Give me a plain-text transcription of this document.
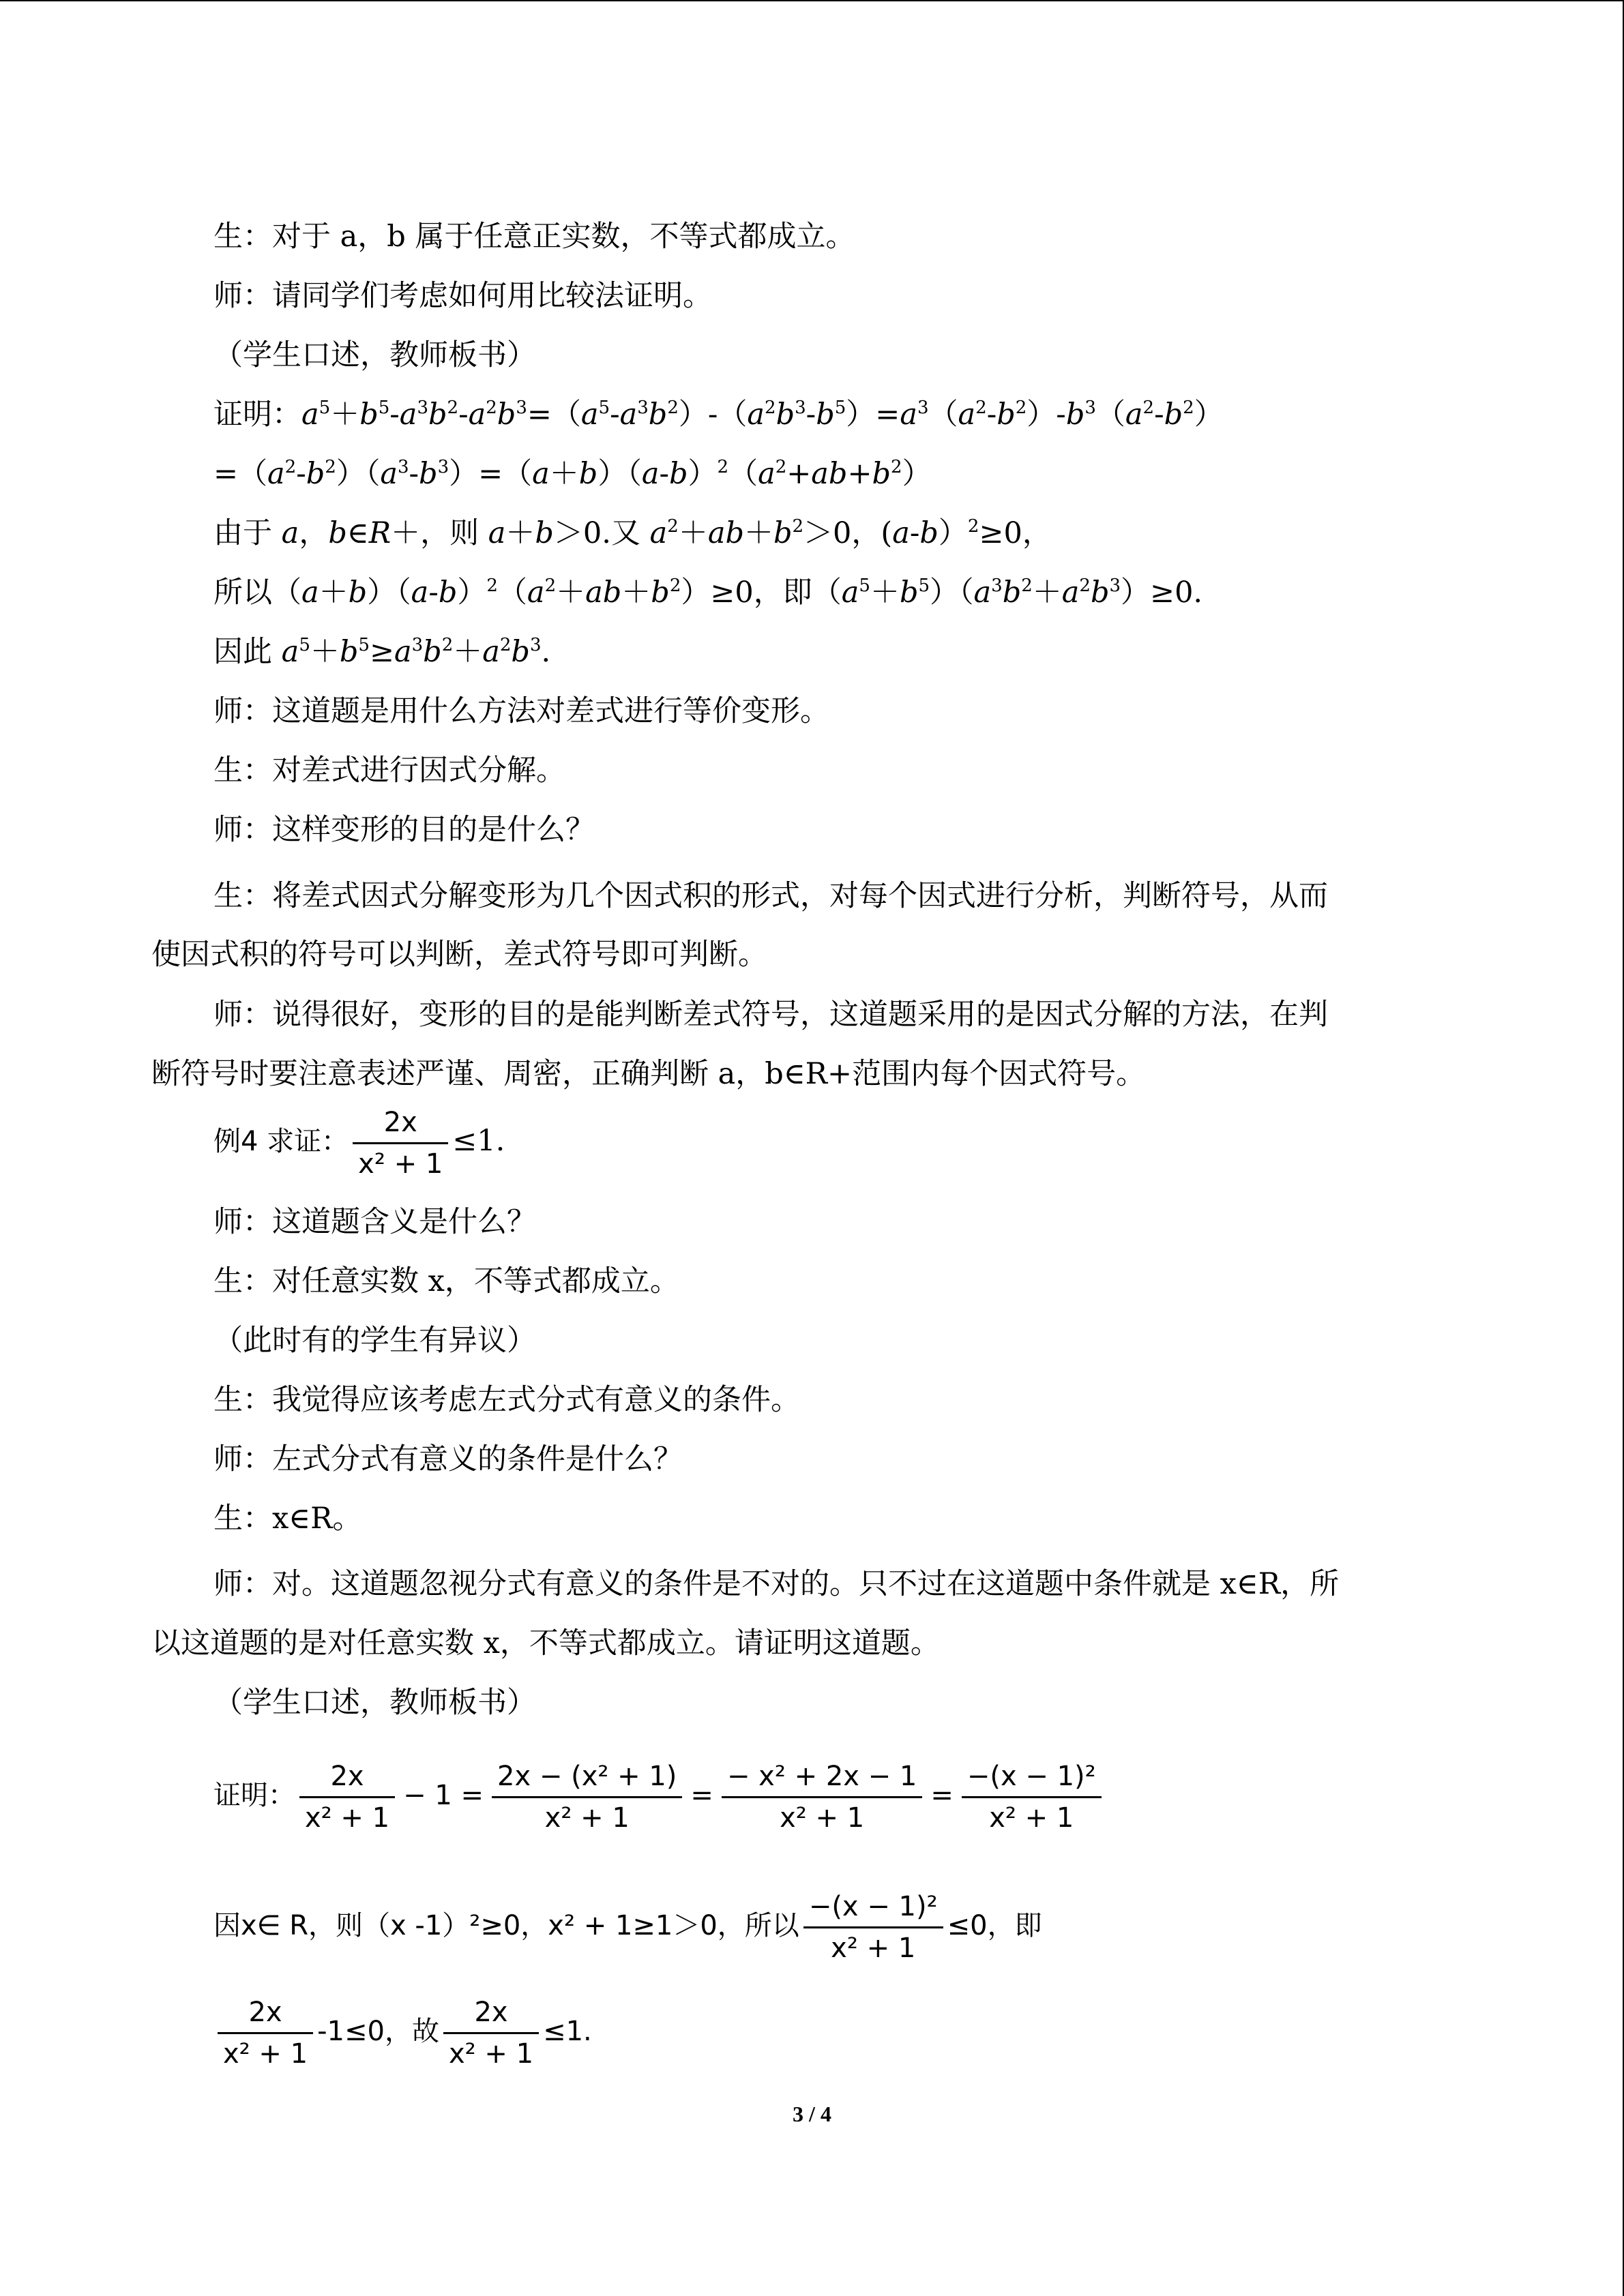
生：对于 a，b 属于任意正实数，不等式都成立。
师：请同学们考虑如何用比较法证明。
（学生口述，教师板书）
证明：$a^5+b^5-a^3b^2-a^2b^3=(a^5-a^3b^2)-(a^2b^3-b^5)=a^3(a^2-b^2)-b^3(a^2-b^2)$
$=(a^2-b^2)(a^3-b^3)=(a+b)(a-b)^2(a^2+ab+b^2)$
由于 a，b∈R＋，则 a＋b＞0.又 $a^2+ab+b^2>0$，(a-b）$^2$≥0，
所以$(a+b)(a-b)^2(a^2+ab+b^2)\ge 0$，即$(a^5+b^5)(a^3b^2+a^2b^3)\ge 0$.
因此 $a^5+b^5\ge a^3b^2+a^2b^3$.
师：这道题是用什么方法对差式进行等价变形。
生：对差式进行因式分解。
师：这样变形的目的是什么？
生：将差式因式分解变形为几个因式积的形式，对每个因式进行分析，判断符号，从而
使因式积的符号可以判断，差式符号即可判断。
师：说得很好，变形的目的是能判断差式符号，这道题采用的是因式分解的方法，在判
断符号时要注意表述严谨、周密，正确判断 a，b∈R+范围内每个因式符号。
例4 求证： $\frac{2x}{\text{x² + 1}} \le 1$.
师：这道题含义是什么？
生：对任意实数 x，不等式都成立。
（此时有的学生有异议）
生：我觉得应该考虑左式分式有意义的条件。
师：左式分式有意义的条件是什么？
生：x∈R。
师：对。这道题忽视分式有意义的条件是不对的。只不过在这道题中条件就是 x∈R，所
以这道题的是对任意实数 x，不等式都成立。请证明这道题。
（学生口述，教师板书）
证明： $\frac{2x}{\text{x² + 1}} - 1 = \frac{\text{2x − (x² + 1)}}{\text{x² + 1}} = \frac{\text{− x² + 2x − 1}}{\text{x² + 1}} = \frac{\text{−(x − 1)²}}{\text{x² + 1}}$
因x∈ R，则（x -1）²≥0，x² + 1≥1＞0，所以 $\frac{\text{−(x − 1)²}}{\text{x² + 1}} \le 0$，即
$\frac{2x}{\text{x² + 1}} -1\le 0$，故 $\frac{2x}{\text{x² + 1}} \le 1$.
3 / 4
